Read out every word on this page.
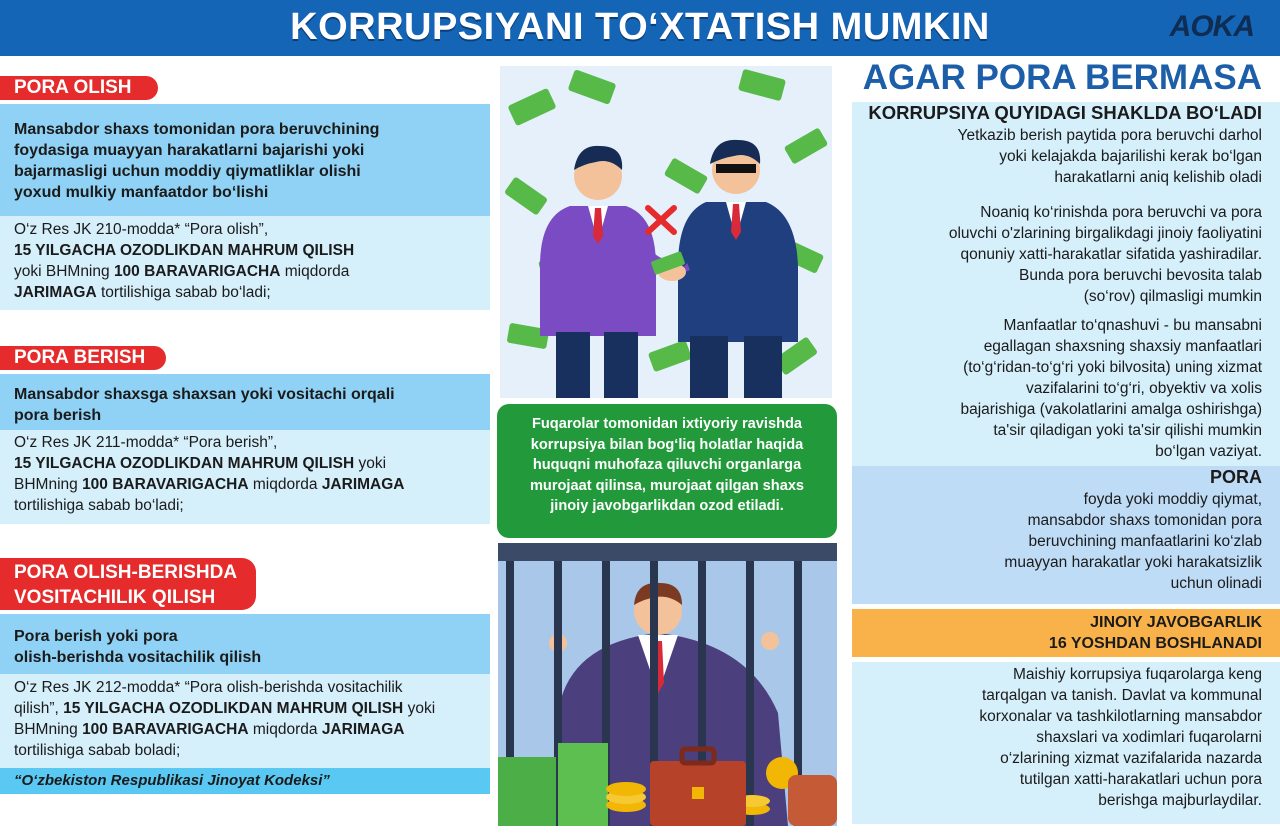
KORRUPSIYANI TO‘XTATISH MUMKIN	AOKA
PORA OLISH
Mansabdor shaxs tomonidan pora beruvchining
foydasiga muayyan harakatlarni bajarishi yoki
bajarmasligi uchun moddiy qiymatliklar olishi
yoxud mulkiy manfaatdor bo‘lishi
O‘z Res JK 210-modda* “Pora olish”,
15 YILGACHA OZODLIKDAN MAHRUM QILISH
yoki BHMning 100 BARAVARIGACHA miqdorda
JARIMAGA tortilishiga sabab bo‘ladi;
PORA BERISH
Mansabdor shaxsga shaxsan yoki vositachi orqali
pora berish
O‘z Res JK 211-modda* “Pora berish”,
15 YILGACHA OZODLIKDAN MAHRUM QILISH yoki
BHMning 100 BARAVARIGACHA miqdorda JARIMAGA
tortilishiga sabab bo‘ladi;
PORA OLISH-BERISHDA
VOSITACHILIK QILISH
Pora berish yoki pora
olish-berishda vositachilik qilish
O‘z Res JK 212-modda* “Pora olish-berishda vositachilik
qilish”, 15 YILGACHA OZODLIKDAN MAHRUM QILISH yoki
BHMning 100 BARAVARIGACHA miqdorda JARIMAGA
tortilishiga sabab boladi;
“O‘zbekiston Respublikasi Jinoyat Kodeksi”
Fuqarolar tomonidan ixtiyoriy ravishda
korrupsiya bilan bog‘liq holatlar haqida
huquqni muhofaza qiluvchi organlarga
murojaat qilinsa, murojaat qilgan shaxs
jinoiy javobgarlikdan ozod etiladi.
AGAR PORA BERMASA
KORRUPSIYA QUYIDAGI SHAKLDA BO‘LADI
Yetkazib berish paytida pora beruvchi darhol
yoki kelajakda bajarilishi kerak bo‘lgan
harakatlarni aniq kelishib oladi
Noaniq ko‘rinishda pora beruvchi va pora
oluvchi o'zlarining birgalikdagi jinoiy faoliyatini
qonuniy xatti-harakatlar sifatida yashiradilar.
Bunda pora beruvchi bevosita talab
(so‘rov) qilmasligi mumkin
Manfaatlar to‘qnashuvi - bu mansabni
egallagan shaxsning shaxsiy manfaatlari
(to‘g‘ridan-to‘g‘ri yoki bilvosita) uning xizmat
vazifalarini to‘g‘ri, obyektiv va xolis
bajarishiga (vakolatlarini amalga oshirishga)
ta'sir qiladigan yoki ta'sir qilishi mumkin
bo‘lgan vaziyat.
PORA
foyda yoki moddiy qiymat,
mansabdor shaxs tomonidan pora
beruvchining manfaatlarini ko‘zlab
muayyan harakatlar yoki harakatsizlik
uchun olinadi
JINOIY JAVOBGARLIK
16 YOSHDAN BOSHLANADI
Maishiy korrupsiya fuqarolarga keng
tarqalgan va tanish. Davlat va kommunal
korxonalar va tashkilotlarning mansabdor
shaxslari va xodimlari fuqarolarni
o‘zlarining xizmat vazifalarida nazarda
tutilgan xatti-harakatlari uchun pora
berishga majburlaydilar.
